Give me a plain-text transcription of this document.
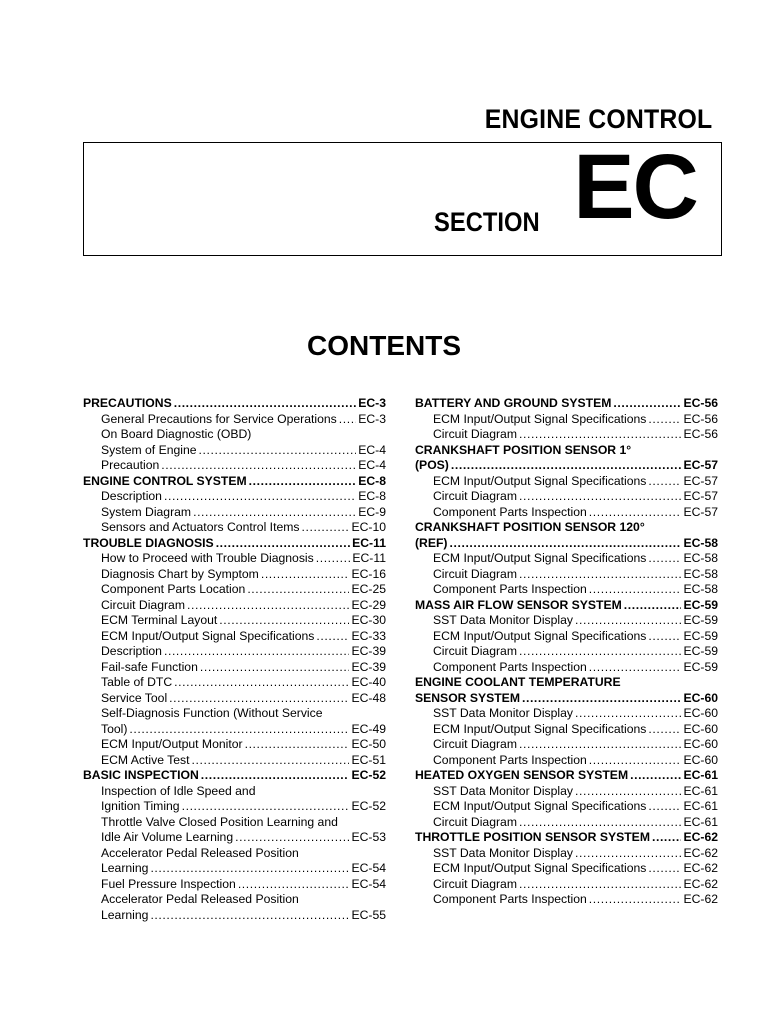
ENGINE CONTROL
SECTION EC
CONTENTS
PRECAUTIONS .....	EC-3
General Precautions for Service Operations ..... EC-3
On Board Diagnostic (OBD)
System of Engine .....	EC-4
Precaution .....	EC-4
ENGINE CONTROL SYSTEM .....	EC-8
Description .....	EC-8
System Diagram .....	EC-9
Sensors and Actuators Control Items .....	EC-10
TROUBLE DIAGNOSIS .....	EC-11
How to Proceed with Trouble Diagnosis .....	EC-11
Diagnosis Chart by Symptom .....	EC-16
Component Parts Location .....	EC-25
Circuit Diagram .....	EC-29
ECM Terminal Layout .....	EC-30
ECM Input/Output Signal Specifications .....	EC-33
Description .....	EC-39
Fail-safe Function .....	EC-39
Table of DTC .....	EC-40
Service Tool .....	EC-48
Self-Diagnosis Function (Without Service
Tool) .....	EC-49
ECM Input/Output Monitor .....	EC-50
ECM Active Test .....	EC-51
BASIC INSPECTION .....	EC-52
Inspection of Idle Speed and
Ignition Timing .....	EC-52
Throttle Valve Closed Position Learning and
Idle Air Volume Learning .....	EC-53
Accelerator Pedal Released Position
Learning .....	EC-54
Fuel Pressure Inspection .....	EC-54
Accelerator Pedal Released Position
Learning .....	EC-55
BATTERY AND GROUND SYSTEM .....	EC-56
ECM Input/Output Signal Specifications .....	EC-56
Circuit Diagram .....	EC-56
CRANKSHAFT POSITION SENSOR 1°
(POS) .....	EC-57
ECM Input/Output Signal Specifications .....	EC-57
Circuit Diagram .....	EC-57
Component Parts Inspection .....	EC-57
CRANKSHAFT POSITION SENSOR 120°
(REF) .....	EC-58
ECM Input/Output Signal Specifications .....	EC-58
Circuit Diagram .....	EC-58
Component Parts Inspection .....	EC-58
MASS AIR FLOW SENSOR SYSTEM .....	EC-59
SST Data Monitor Display .....	EC-59
ECM Input/Output Signal Specifications .....	EC-59
Circuit Diagram .....	EC-59
Component Parts Inspection .....	EC-59
ENGINE COOLANT TEMPERATURE
SENSOR SYSTEM .....	EC-60
SST Data Monitor Display .....	EC-60
ECM Input/Output Signal Specifications .....	EC-60
Circuit Diagram .....	EC-60
Component Parts Inspection .....	EC-60
HEATED OXYGEN SENSOR SYSTEM .....	EC-61
SST Data Monitor Display .....	EC-61
ECM Input/Output Signal Specifications .....	EC-61
Circuit Diagram .....	EC-61
THROTTLE POSITION SENSOR SYSTEM .....	EC-62
SST Data Monitor Display .....	EC-62
ECM Input/Output Signal Specifications .....	EC-62
Circuit Diagram .....	EC-62
Component Parts Inspection .....	EC-62
